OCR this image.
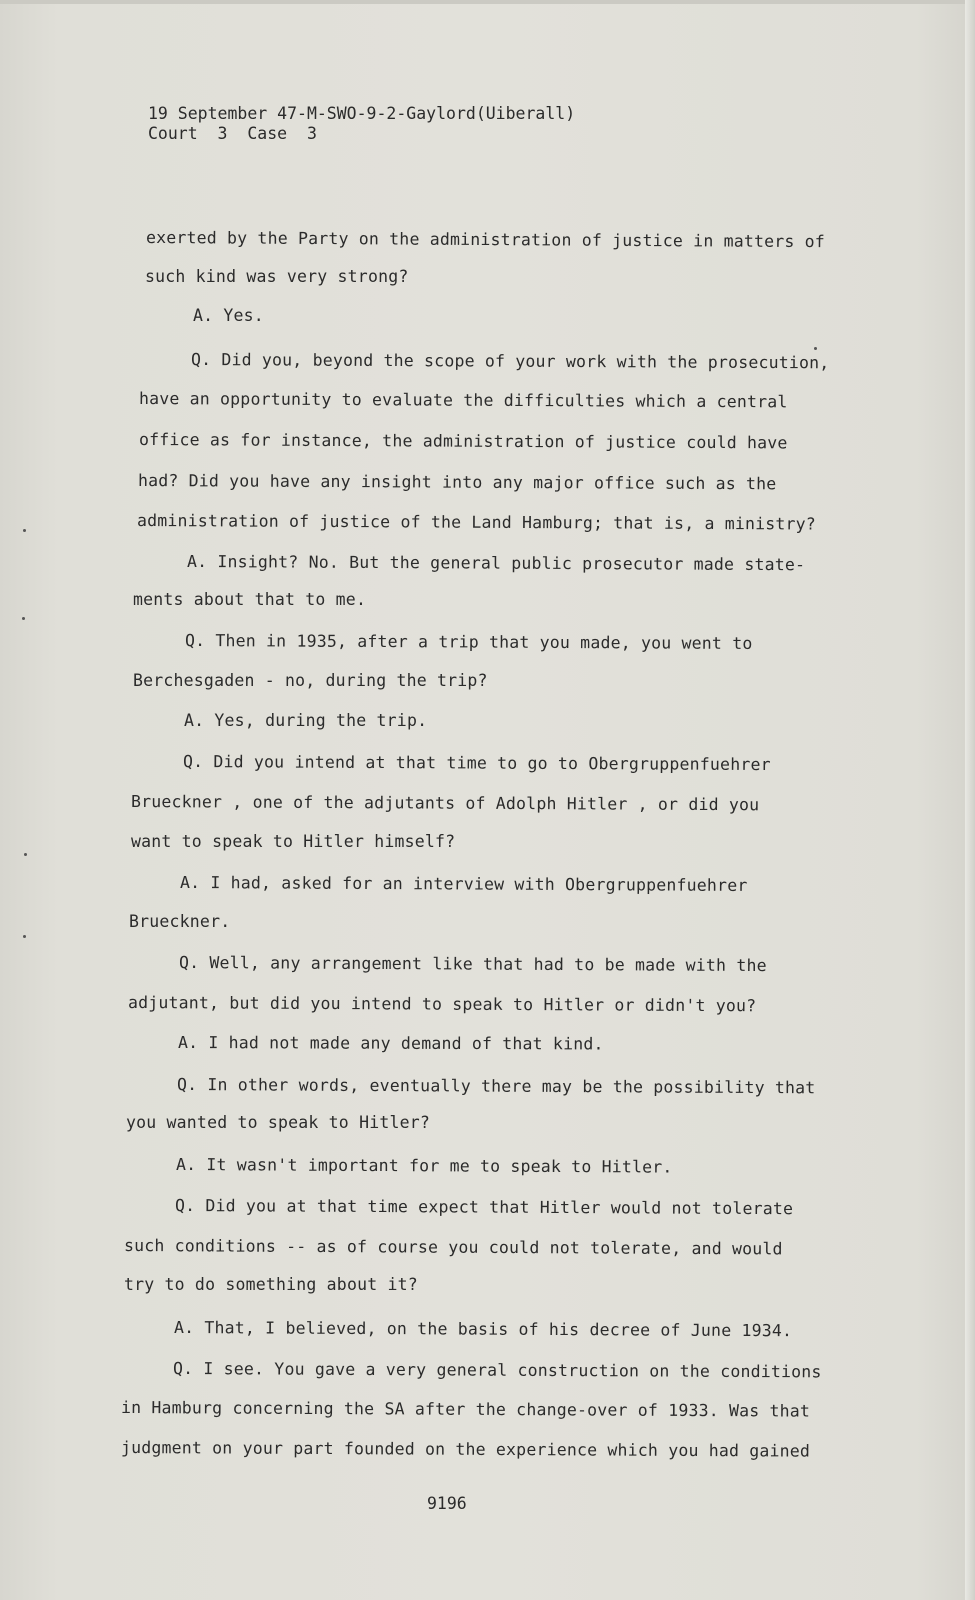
19 September 47-M-SWO-9-2-Gaylord(Uiberall)
Court  3  Case  3
exerted by the Party on the administration of justice in matters of
such kind was very strong?
A. Yes.
Q. Did you, beyond the scope of your work with the prosecution,
have an opportunity to evaluate the difficulties which a central
office as for instance, the administration of justice could have
had? Did you have any insight into any major office such as the
administration of justice of the Land Hamburg; that is, a ministry?
A. Insight? No. But the general public prosecutor made state-
ments about that to me.
Q. Then in 1935, after a trip that you made, you went to
Berchesgaden - no, during the trip?
A. Yes, during the trip.
Q. Did you intend at that time to go to Obergruppenfuehrer
Brueckner , one of the adjutants of Adolph Hitler , or did you
want to speak to Hitler himself?
A. I had, asked for an interview with Obergruppenfuehrer
Brueckner.
Q. Well, any arrangement like that had to be made with the
adjutant, but did you intend to speak to Hitler or didn't you?
A. I had not made any demand of that kind.
Q. In other words, eventually there may be the possibility that
you wanted to speak to Hitler?
A. It wasn't important for me to speak to Hitler.
Q. Did you at that time expect that Hitler would not tolerate
such conditions -- as of course you could not tolerate, and would
try to do something about it?
A. That, I believed, on the basis of his decree of June 1934.
Q. I see. You gave a very general construction on the conditions
in Hamburg concerning the SA after the change-over of 1933. Was that
judgment on your part founded on the experience which you had gained
9196
